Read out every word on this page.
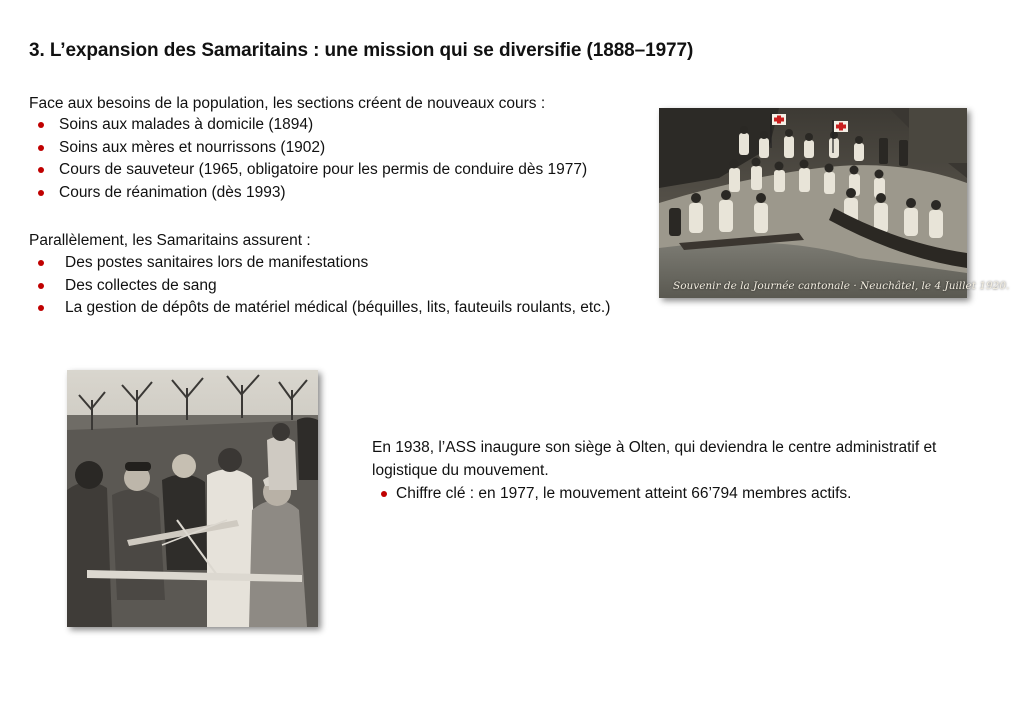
3. L’expansion des Samaritains : une mission qui se diversifie (1888–1977)

Face aux besoins de la population, les sections créent de nouveaux cours :

Soins aux malades à domicile (1894)
Soins aux mères et nourrissons (1902)
Cours de sauveteur (1965, obligatoire pour les permis de conduire dès 1977)
Cours de réanimation (dès 1993)

Parallèlement, les Samaritains assurent :

Des postes sanitaires lors de manifestations
Des collectes de sang
La gestion de dépôts de matériel médical (béquilles, lits, fauteuils roulants, etc.)
Souvenir de la Journée cantonale · Neuchâtel, le 4 Juillet 1920.

En 1938, l’ASS inaugure son siège à Olten, qui deviendra le centre administratif et logistique du mouvement.

Chiffre clé : en 1977, le mouvement atteint 66’794 membres actifs.
